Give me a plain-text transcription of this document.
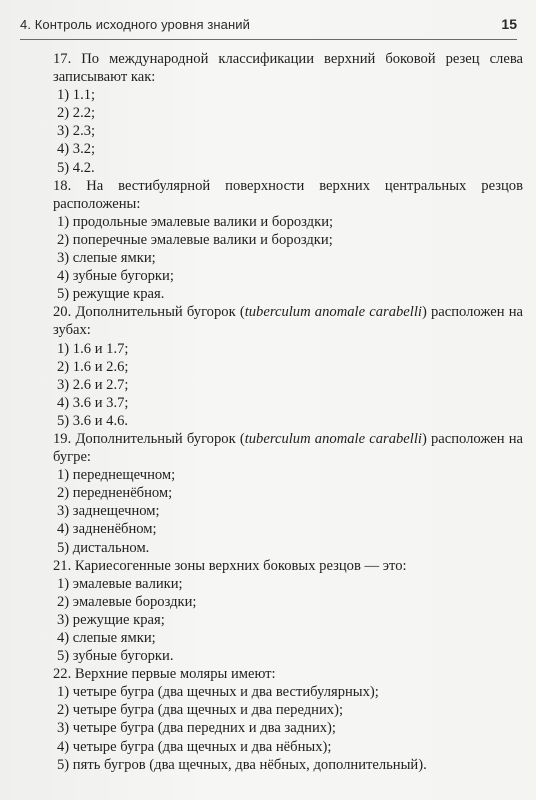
4. Контроль исходного уровня знаний	15

17. По международной классификации верхний боковой резец слева записывают как:

1) 1.1;
2) 2.2;
3) 2.3;
4) 3.2;
5) 4.2.

18. На вестибулярной поверхности верхних центральных резцов расположены:

1) продольные эмалевые валики и бороздки;
2) поперечные эмалевые валики и бороздки;
3) слепые ямки;
4) зубные бугорки;
5) режущие края.

20. Дополнительный бугорок (tuberculum anomale carabelli) расположен на зубах:

1) 1.6 и 1.7;
2) 1.6 и 2.6;
3) 2.6 и 2.7;
4) 3.6 и 3.7;
5) 3.6 и 4.6.

19. Дополнительный бугорок (tuberculum anomale carabelli) расположен на бугре:

1) переднещечном;
2) передненёбном;
3) заднещечном;
4) задненёбном;
5) дистальном.

21. Кариесогенные зоны верхних боковых резцов — это:

1) эмалевые валики;
2) эмалевые бороздки;
3) режущие края;
4) слепые ямки;
5) зубные бугорки.

22. Верхние первые моляры имеют:

1) четыре бугра (два щечных и два вестибулярных);
2) четыре бугра (два щечных и два передних);
3) четыре бугра (два передних и два задних);
4) четыре бугра (два щечных и два нёбных);
5) пять бугров (два щечных, два нёбных, дополнительный).
